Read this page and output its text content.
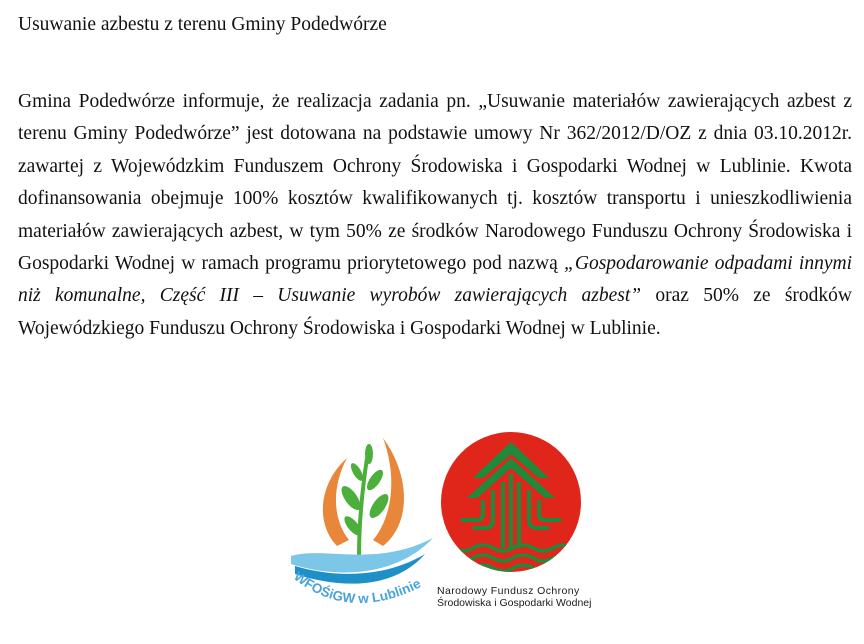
Usuwanie azbestu z terenu Gminy Podedwórze

Gmina Podedwórze informuje, że realizacja zadania pn. „Usuwanie materiałów zawierających azbest z terenu Gminy Podedwórze” jest dotowana na podstawie umowy Nr 362/2012/D/OZ z dnia 03.10.2012r. zawartej z Wojewódzkim Funduszem Ochrony Środowiska i Gospodarki Wodnej w Lublinie. Kwota dofinansowania obejmuje 100% kosztów kwalifikowanych tj. kosztów transportu i unieszkodliwienia materiałów zawierających azbest, w tym 50% ze środków Narodowego Funduszu Ochrony Środowiska i Gospodarki Wodnej w ramach programu priorytetowego pod nazwą „Gospodarowanie odpadami innymi niż komunalne, Część III – Usuwanie wyrobów zawierających azbest” oraz 50% ze środków Wojewódzkiego Funduszu Ochrony Środowiska i Gospodarki Wodnej w Lublinie.

WFOŚiGW w Lublinie Narodowy Fundusz Ochrony
Środowiska i Gospodarki Wodnej
